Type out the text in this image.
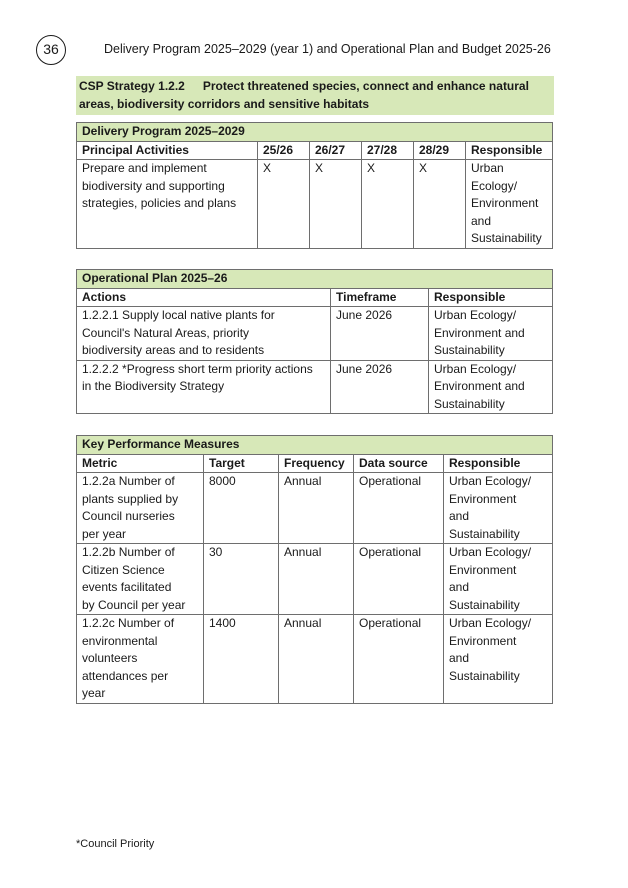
36	Delivery Program 2025–2029 (year 1) and Operational Plan and Budget 2025-26
CSP Strategy 1.2.2 Protect threatened species, connect and enhance natural
areas, biodiversity corridors and sensitive habitats
Delivery Program 2025–2029					
Principal Activities	25/26	26/27	27/28	28/29	Responsible

Prepare and implement
biodiversity and supporting
strategies, policies and plans	X	X	X	X	Urban
Ecology/
Environment
and
Sustainability
Operational Plan 2025–26		
Actions	Timeframe	Responsible

1.2.2.1 Supply local native plants for
Council's Natural Areas, priority
biodiversity areas and to residents	June 2026	Urban Ecology/
Environment and
Sustainability

1.2.2.2 *Progress short term priority actions
in the Biodiversity Strategy	June 2026	Urban Ecology/
Environment and
Sustainability
Key Performance Measures				
Metric	Target	Frequency	Data source	Responsible

1.2.2a Number of
plants supplied by
Council nurseries
per year	8000	Annual	Operational	Urban Ecology/
Environment
and
Sustainability

1.2.2b Number of
Citizen Science
events facilitated
by Council per year	30	Annual	Operational	Urban Ecology/
Environment
and
Sustainability

1.2.2c Number of
environmental
volunteers
attendances per
year	1400	Annual	Operational	Urban Ecology/
Environment
and
Sustainability
*Council Priority
